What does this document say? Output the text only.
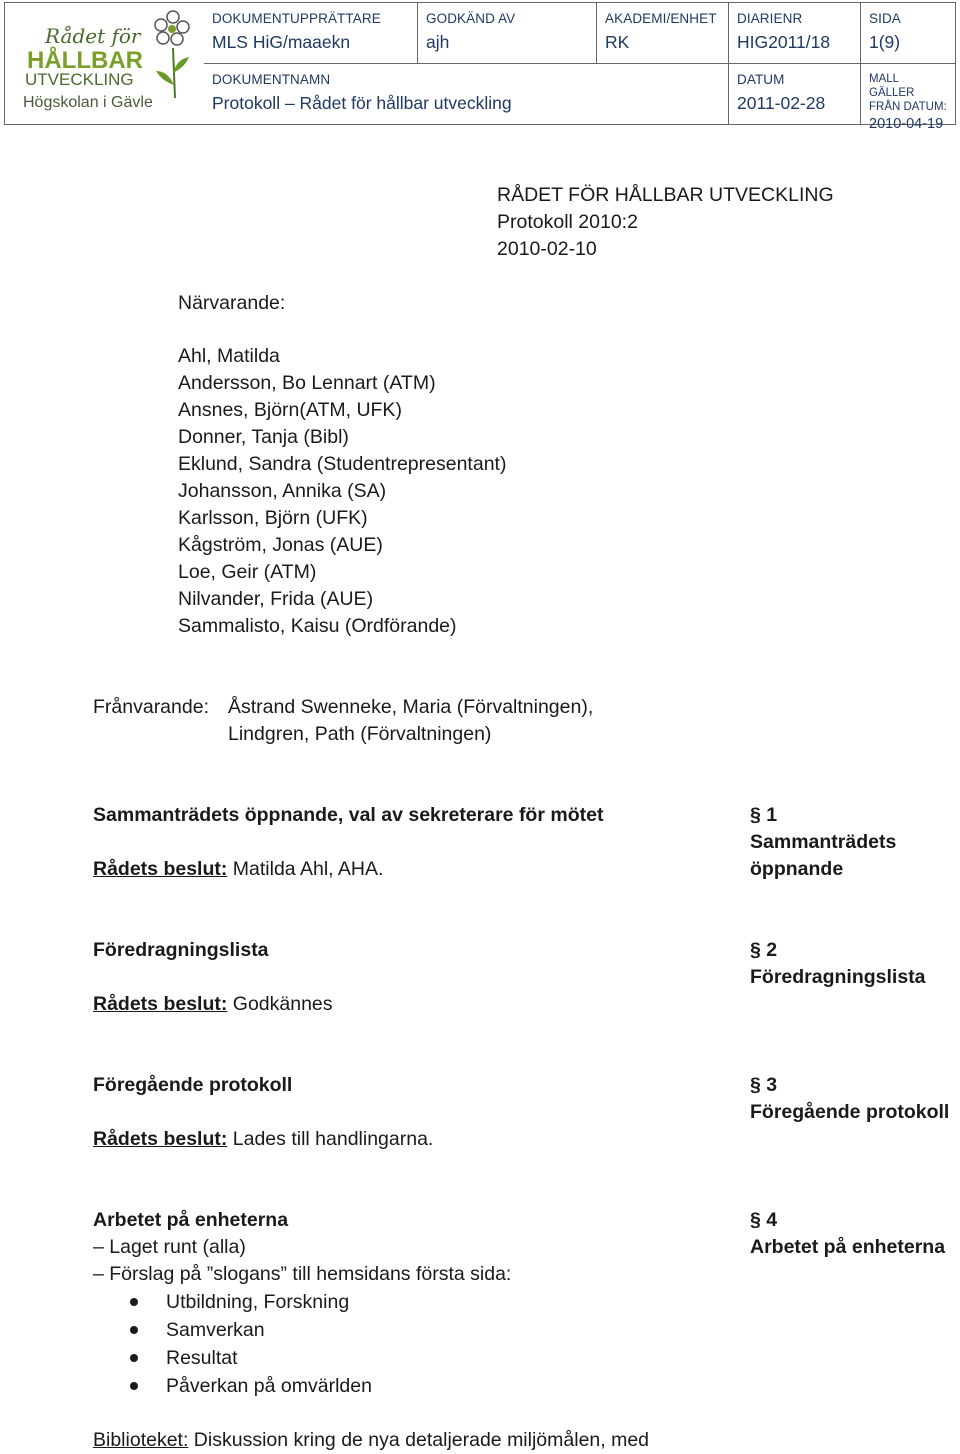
Rådet för
HÅLLBAR
UTVECKLING
Högskolan i Gävle
DOKUMENTUPPRÄTTARE
MLS HiG/maaekn
GODKÄND AV
ajh
AKADEMI/ENHET
RK
DIARIENR
HIG2011/18
SIDA
1(9)
DOKUMENTNAMN
Protokoll – Rådet för hållbar utveckling
DATUM
2011-02-28
MALL GÄLLER
FRÅN DATUM:
2010-04-19
RÅDET FÖR HÅLLBAR UTVECKLING
Protokoll 2010:2
2010-02-10
Närvarande:
Ahl, Matilda
Andersson, Bo Lennart (ATM)
Ansnes, Björn(ATM, UFK)
Donner, Tanja (Bibl)
Eklund, Sandra (Studentrepresentant)
Johansson, Annika (SA)
Karlsson, Björn (UFK)
Kågström, Jonas (AUE)
Loe, Geir (ATM)
Nilvander, Frida (AUE)
Sammalisto, Kaisu (Ordförande)
Frånvarande: Åstrand Swenneke, Maria (Förvaltningen),
Lindgren, Path (Förvaltningen)
Sammanträdets öppnande, val av sekreterare för mötet
Rådets beslut: Matilda Ahl, AHA.
§ 1
Sammanträdets
öppnande
Föredragningslista
Rådets beslut: Godkännes
§ 2
Föredragningslista
Föregående protokoll
Rådets beslut: Lades till handlingarna.
§ 3
Föregående protokoll
Arbetet på enheterna
– Laget runt (alla)
– Förslag på ”slogans” till hemsidans första sida:
§ 4
Arbetet på enheterna
Utbildning, Forskning
Samverkan
Resultat
Påverkan på omvärlden
Biblioteket: Diskussion kring de nya detaljerade miljömålen, med
